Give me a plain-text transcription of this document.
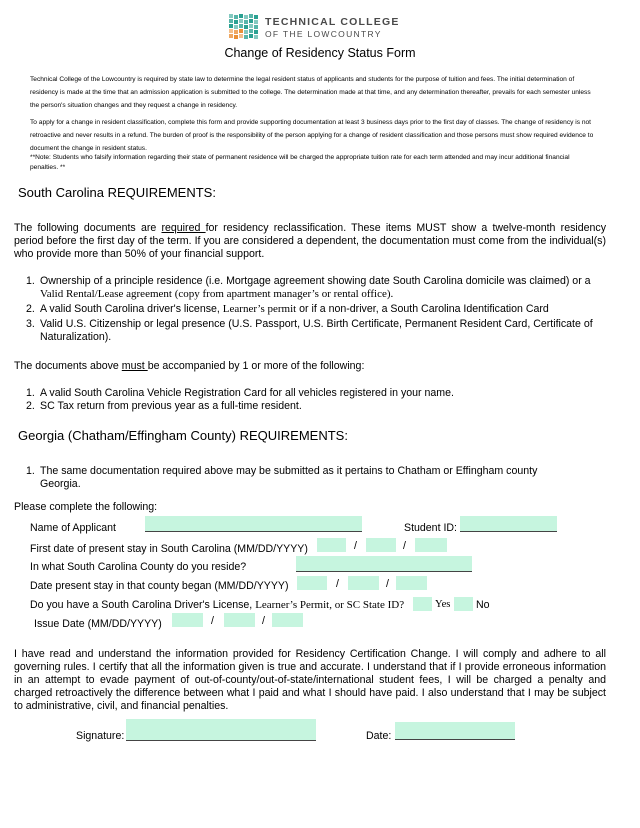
TECHNICAL COLLEGE
OF THE LOWCOUNTRY
Change of Residency Status Form
Technical College of the Lowcountry is required by state law to determine the legal resident status of applicants and students for the purpose of tuition and fees. The initial determination of residency is made at the time that an admission application is submitted to the college. The determination made at that time, and any determination thereafter, prevails for each semester unless the person's situation changes and they request a change in residency.
To apply for a change in resident classification, complete this form and provide supporting documentation at least 3 business days prior to the first day of classes. The change of residency is not retroactive and never results in a refund. The burden of proof is the responsibility of the person applying for a change of resident classification and those persons must show required evidence to document the change in resident status.
**Note: Students who falsify information regarding their state of permanent residence will be charged the appropriate tuition rate for each term attended and may incur additional financial penalties. **
South Carolina REQUIREMENTS:
The following documents are required for residency reclassification. These items MUST show a twelve-month residency period before the first day of the term. If you are considered a dependent, the documentation must come from the individual(s) who provide more than 50% of your financial support.
1. Ownership of a principle residence (i.e. Mortgage agreement showing date South Carolina domicile was claimed) or a
Valid Rental/Lease agreement (copy from apartment manager’s or rental office).
2. A valid South Carolina driver's license, Learner’s permit or if a non-driver, a South Carolina Identification Card
3. Valid U.S. Citizenship or legal presence (U.S. Passport, U.S. Birth Certificate, Permanent Resident Card, Certificate of Naturalization).
The documents above must be accompanied by 1 or more of the following:
1. A valid South Carolina Vehicle Registration Card for all vehicles registered in your name.
2. SC Tax return from previous year as a full-time resident.
Georgia (Chatham/Effingham County) REQUIREMENTS:
1. The same documentation required above may be submitted as it pertains to Chatham or Effingham county Georgia.
Please complete the following:
Name of Applicant	Student ID:
First date of present stay in South Carolina (MM/DD/YYYY)	/	/
In what South Carolina County do you reside?
Date present stay in that county began (MM/DD/YYYY)	/	/
Do you have a South Carolina Driver's License, Learner’s Permit, or SC State ID?	Yes No
Issue Date (MM/DD/YYYY)	/	/
I have read and understand the information provided for Residency Certification Change. I will comply and adhere to all governing rules. I certify that all the information given is true and accurate. I understand that if I provide erroneous information in an attempt to evade payment of out-of-county/out-of-state/international student fees, I will be charged a penalty and charged retroactively the difference between what I paid and what I should have paid. I also understand that I may be subject to administrative, civil, and financial penalties.
Signature:	Date:
